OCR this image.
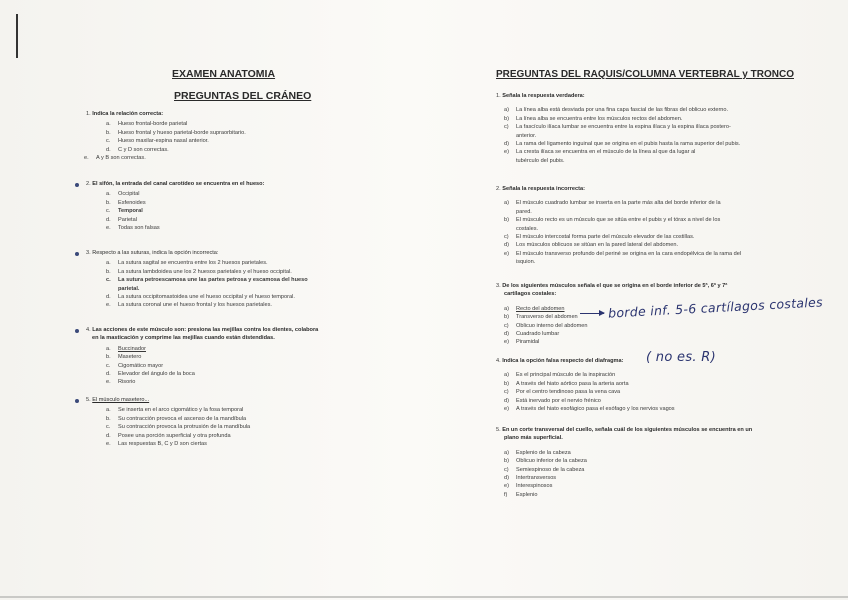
EXAMEN ANATOMIA
PREGUNTAS DEL CRÁNEO
1. Indica la relación correcta:
a. Hueso frontal-borde parietal
b. Hueso frontal y hueso parietal-borde supraorbitario.
c. Hueso maxilar-espina nasal anterior.
d. C y D son correctas.
e. A y B son correctas.
2. El sifón, la entrada del canal carotídeo se encuentra en el hueso:
a. Occipital
b. Esfenoides
c. Temporal
d. Parietal
e. Todas son falsas
3. Respecto a las suturas, indica la opción incorrecta:
a. La sutura sagital se encuentra entre los 2 huesos parietales.
b. La sutura lambdoidea une los 2 huesos parietales y el hueso occipital.
c. La sutura petroescamosa une las partes petrosa y escamosa del hueso
parietal.
d. La sutura occipitomastoidea une el hueso occipital y el hueso temporal.
e. La sutura coronal une el hueso frontal y los huesos parietales.
4. Las acciones de este músculo son: presiona las mejillas contra los dientes, colabora
en la masticación y comprime las mejillas cuando están distendidas.
a. Buccinador
b. Masetero
c. Cigomático mayor
d. Elevador del ángulo de la boca
e. Risorio
5. El músculo masetero...
a. Se inserta en el arco cigomático y la fosa temporal
b. Su contracción provoca el ascenso de la mandíbula
c. Su contracción provoca la protrusión de la mandíbula
d. Posee una porción superficial y otra profunda
e. Las respuestas B, C y D son ciertas
PREGUNTAS DEL RAQUIS/COLUMNA VERTEBRAL y TRONCO
1. Señala la respuesta verdadera:
a) La línea alba está desviada por una fina capa fascial de las fibras del oblicuo externo.
b) La línea alba se encuentra entre los músculos rectos del abdomen.
c) La fascículo ilíaca lumbar se encuentra entre la espina ilíaca y la espina ilíaca postero-
anterior.
d) La rama del ligamento inguinal que se origina en el pubis hasta la rama superior del pubis.
e) La cresta ilíaca se encuentra en el músculo de la línea al que da lugar al
tubérculo del pubis.
2. Señala la respuesta incorrecta:
a) El músculo cuadrado lumbar se inserta en la parte más alta del borde inferior de la
pared.
b) El músculo recto es un músculo que se sitúa entre el pubis y el tórax a nivel de los
costales.
c) El músculo intercostal forma parte del músculo elevador de las costillas.
d) Los músculos oblicuos se sitúan en la pared lateral del abdomen.
e) El músculo transverso profundo del periné se origina en la cara endopélvica de la rama del
isquion.
3. De los siguientes músculos señala el que se origina en el borde inferior de 5ª, 6ª y 7ª
cartílagos costales:
a) Recto del abdomen
b) Transverso del abdomen
c) Oblicuo interno del abdomen
d) Cuadrado lumbar
e) Piramidal
4. Indica la opción falsa respecto del diafragma:
a) Es el principal músculo de la inspiración
b) A través del hiato aórtico pasa la arteria aorta
c) Por el centro tendinoso pasa la vena cava
d) Está inervado por el nervio frénico
e) A través del hiato esofágico pasa el esófago y los nervios vagos
5. En un corte transversal del cuello, señala cuál de los siguientes músculos se encuentra en un
plano más superficial.
a) Esplenio de la cabeza
b) Oblicuo inferior de la cabeza
c) Semiespinoso de la cabeza
d) Intertransversos
e) Interespinosos
f) Esplenio
borde inf. 5-6 cartílagos costales
( no es. R)
